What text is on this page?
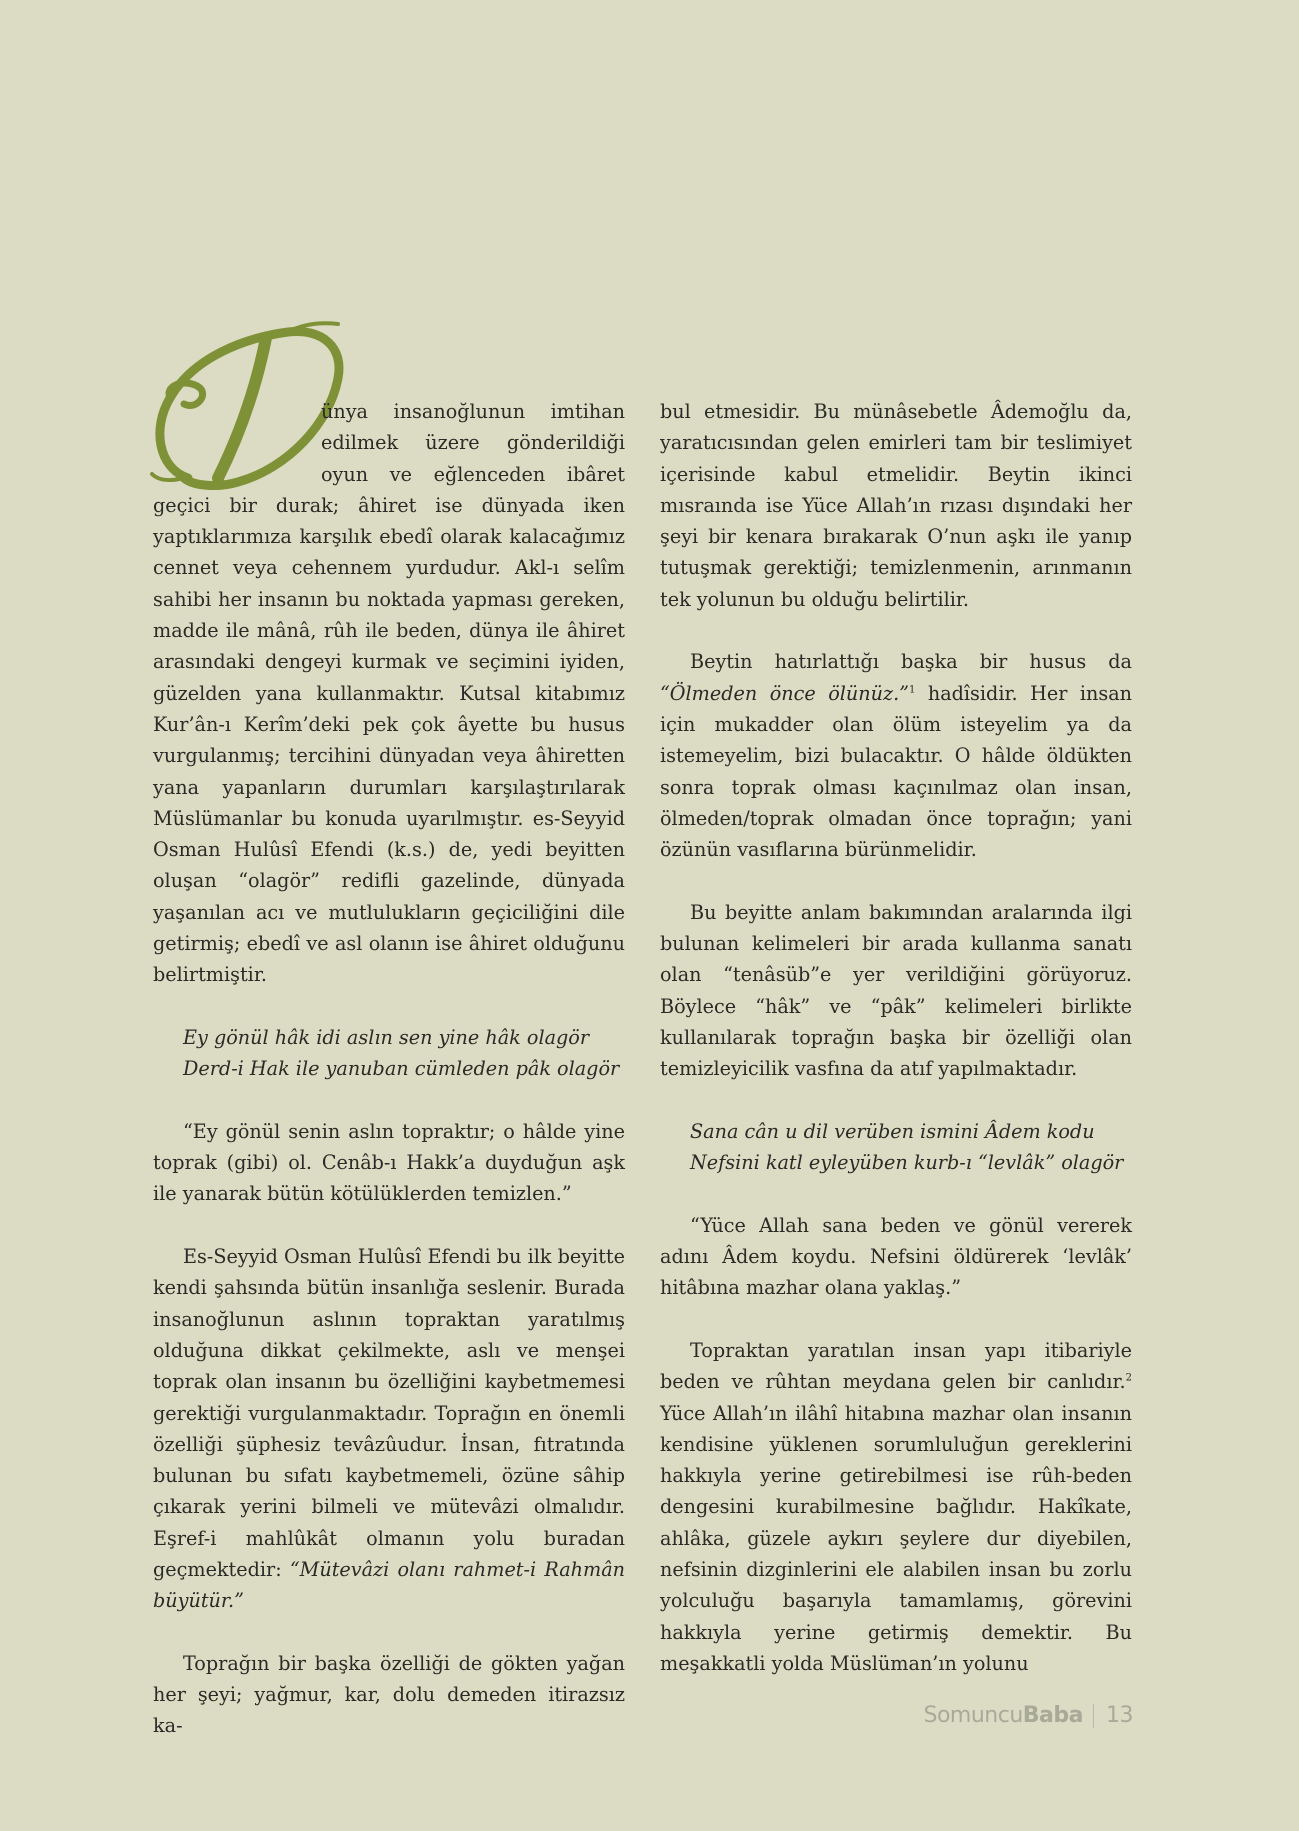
ünya insanoğlunun imtihan edilmek üzere gönderildiği oyun ve eğlenceden ibâret geçici bir durak; âhiret ise dünyada iken yaptıklarımıza karşılık ebedî olarak kalacağımız cennet veya cehennem yurdudur. Akl-ı selîm sahibi her insanın bu noktada yapması gereken, madde ile mânâ, rûh ile beden, dünya ile âhiret arasındaki dengeyi kurmak ve seçimini iyiden, güzelden yana kullanmaktır. Kutsal kitabımız Kur’ân-ı Kerîm’deki pek çok âyette bu husus vurgulanmış; tercihini dünyadan veya âhiretten yana yapanların durumları karşılaştırılarak Müslümanlar bu konuda uyarılmıştır. es-Seyyid Osman Hulûsî Efendi (k.s.) de, yedi beyitten oluşan “olagör” redifli gazelinde, dünyada yaşanılan acı ve mutlulukların geçiciliğini dile getirmiş; ebedî ve asl olanın ise âhiret olduğunu belirtmiştir.

Ey gönül hâk idi aslın sen yine hâk olagör
Derd-i Hak ile yanuban cümleden pâk olagör

“Ey gönül senin aslın topraktır; o hâlde yine toprak (gibi) ol. Cenâb-ı Hakk’a duyduğun aşk ile yanarak bütün kötülüklerden temizlen.”

Es-Seyyid Osman Hulûsî Efendi bu ilk beyitte kendi şahsında bütün insanlığa seslenir. Burada insanoğlunun aslının topraktan yaratılmış olduğuna dikkat çekilmekte, aslı ve menşei toprak olan insanın bu özelliğini kaybetmemesi gerektiği vurgulanmaktadır. Toprağın en önemli özelliği şüphesiz tevâzûudur. İnsan, fıtratında bulunan bu sıfatı kaybetmemeli, özüne sâhip çıkarak yerini bilmeli ve mütevâzi olmalıdır. Eşref-i mahlûkât olmanın yolu buradan geçmektedir: “Mütevâzi olanı rahmet-i Rahmân büyütür.”

Toprağın bir başka özelliği de gökten yağan her şeyi; yağmur, kar, dolu demeden itirazsız ka-

bul etmesidir. Bu münâsebetle Âdemoğlu da, yaratıcısından gelen emirleri tam bir teslimiyet içerisinde kabul etmelidir. Beytin ikinci mısraında ise Yüce Allah’ın rızası dışındaki her şeyi bir kenara bırakarak O’nun aşkı ile yanıp tutuşmak gerektiği; temizlenmenin, arınmanın tek yolunun bu olduğu belirtilir.

Beytin hatırlattığı başka bir husus da “Ölmeden önce ölünüz.”$^1$ hadîsidir. Her insan için mukadder olan ölüm isteyelim ya da istemeyelim, bizi bulacaktır. O hâlde öldükten sonra toprak olması kaçınılmaz olan insan, ölmeden/toprak olmadan önce toprağın; yani özünün vasıflarına bürünmelidir.

Bu beyitte anlam bakımından aralarında ilgi bulunan kelimeleri bir arada kullanma sanatı olan “tenâsüb”e yer verildiğini görüyoruz. Böylece “hâk” ve “pâk” kelimeleri birlikte kullanılarak toprağın başka bir özelliği olan temizleyicilik vasfına da atıf yapılmaktadır.

Sana cân u dil verüben ismini Âdem kodu
Nefsini katl eyleyüben kurb-ı “levlâk” olagör

“Yüce Allah sana beden ve gönül vererek adını Âdem koydu. Nefsini öldürerek ‘levlâk’ hitâbına mazhar olana yaklaş.”

Topraktan yaratılan insan yapı itibariyle beden ve rûhtan meydana gelen bir canlıdır.$^2$ Yüce Allah’ın ilâhî hitabına mazhar olan insanın kendisine yüklenen sorumluluğun gereklerini hakkıyla yerine getirebilmesi ise rûh-beden dengesini kurabilmesine bağlıdır. Hakîkate, ahlâka, güzele aykırı şeylere dur diyebilen, nefsinin dizginlerini ele alabilen insan bu zorlu yolculuğu başarıyla tamamlamış, görevini hakkıyla yerine getirmiş demektir. Bu meşakkatli yolda Müslüman’ın yolunu

Somuncu Baba 13
